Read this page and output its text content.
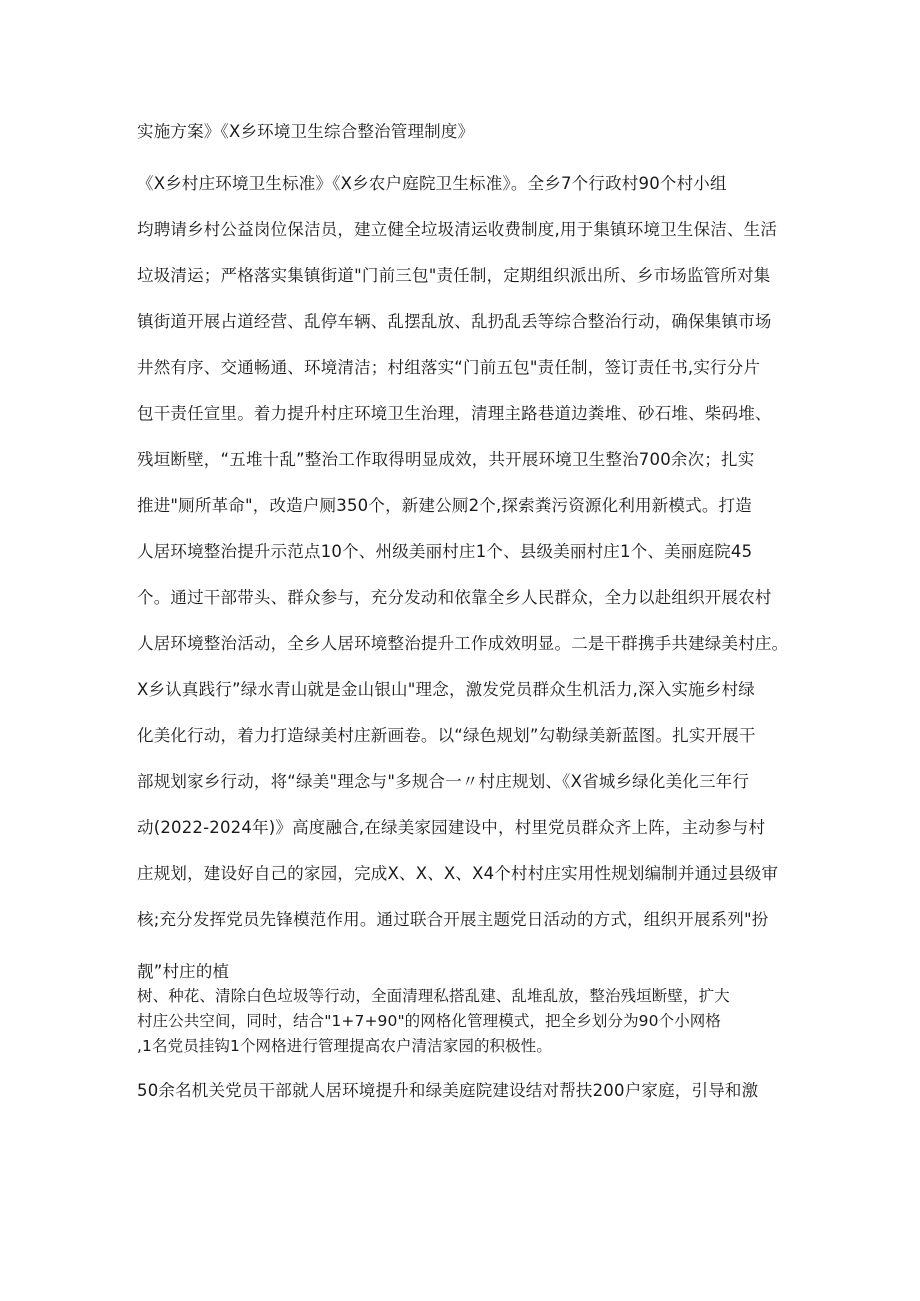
实施方案》《X乡环境卫生综合整治管理制度》
《X乡村庄环境卫生标准》《X乡农户庭院卫生标准》。全乡7个行政村90个村小组
均聘请乡村公益岗位保洁员，建立健全垃圾清运收费制度,用于集镇环境卫生保洁、生活
垃圾清运；严格落实集镇街道"门前三包"责任制，定期组织派出所、乡市场监管所对集
镇街道开展占道经营、乱停车辆、乱摆乱放、乱扔乱丢等综合整治行动，确保集镇市场
井然有序、交通畅通、环境清洁；村组落实“门前五包"责任制，签订责任书,实行分片
包干责任宣里。着力提升村庄环境卫生治理，清理主路巷道边粪堆、砂石堆、柴码堆、
残垣断壁，“五堆十乱”整治工作取得明显成效，共开展环境卫生整治700余次；扎实
推进"厕所革命"，改造户厕350个，新建公厕2个,探索粪污资源化利用新模式。打造
人居环境整治提升示范点10个、州级美丽村庄1个、县级美丽村庄1个、美丽庭院45
个。通过干部带头、群众参与，充分发动和依靠全乡人民群众，全力以赴组织开展农村
人居环境整治活动，全乡人居环境整治提升工作成效明显。二是干群携手共建绿美村庄。
X乡认真践行”绿水青山就是金山银山"理念，激发党员群众生机活力,深入实施乡村绿
化美化行动，着力打造绿美村庄新画卷。以“绿色规划”勾勒绿美新蓝图。扎实开展干
部规划家乡行动，将“绿美"理念与"多规合一〃村庄规划、《X省城乡绿化美化三年行
动(2022-2024年)》高度融合,在绿美家园建设中，村里党员群众齐上阵，主动参与村
庄规划，建设好自己的家园，完成X、X、X、X4个村村庄实用性规划编制并通过县级审
核;充分发挥党员先锋模范作用。通过联合开展主题党日活动的方式，组织开展系列"扮
靓”村庄的植
树、种花、清除白色垃圾等行动，全面清理私搭乱建、乱堆乱放，整治残垣断壁，扩大
村庄公共空间，同时，结合"1+7+90"的网格化管理模式，把全乡划分为90个小网格
,1名党员挂钩1个网格进行管理提高农户清洁家园的积极性。
50余名机关党员干部就人居环境提升和绿美庭院建设结对帮扶200户家庭，引导和激
